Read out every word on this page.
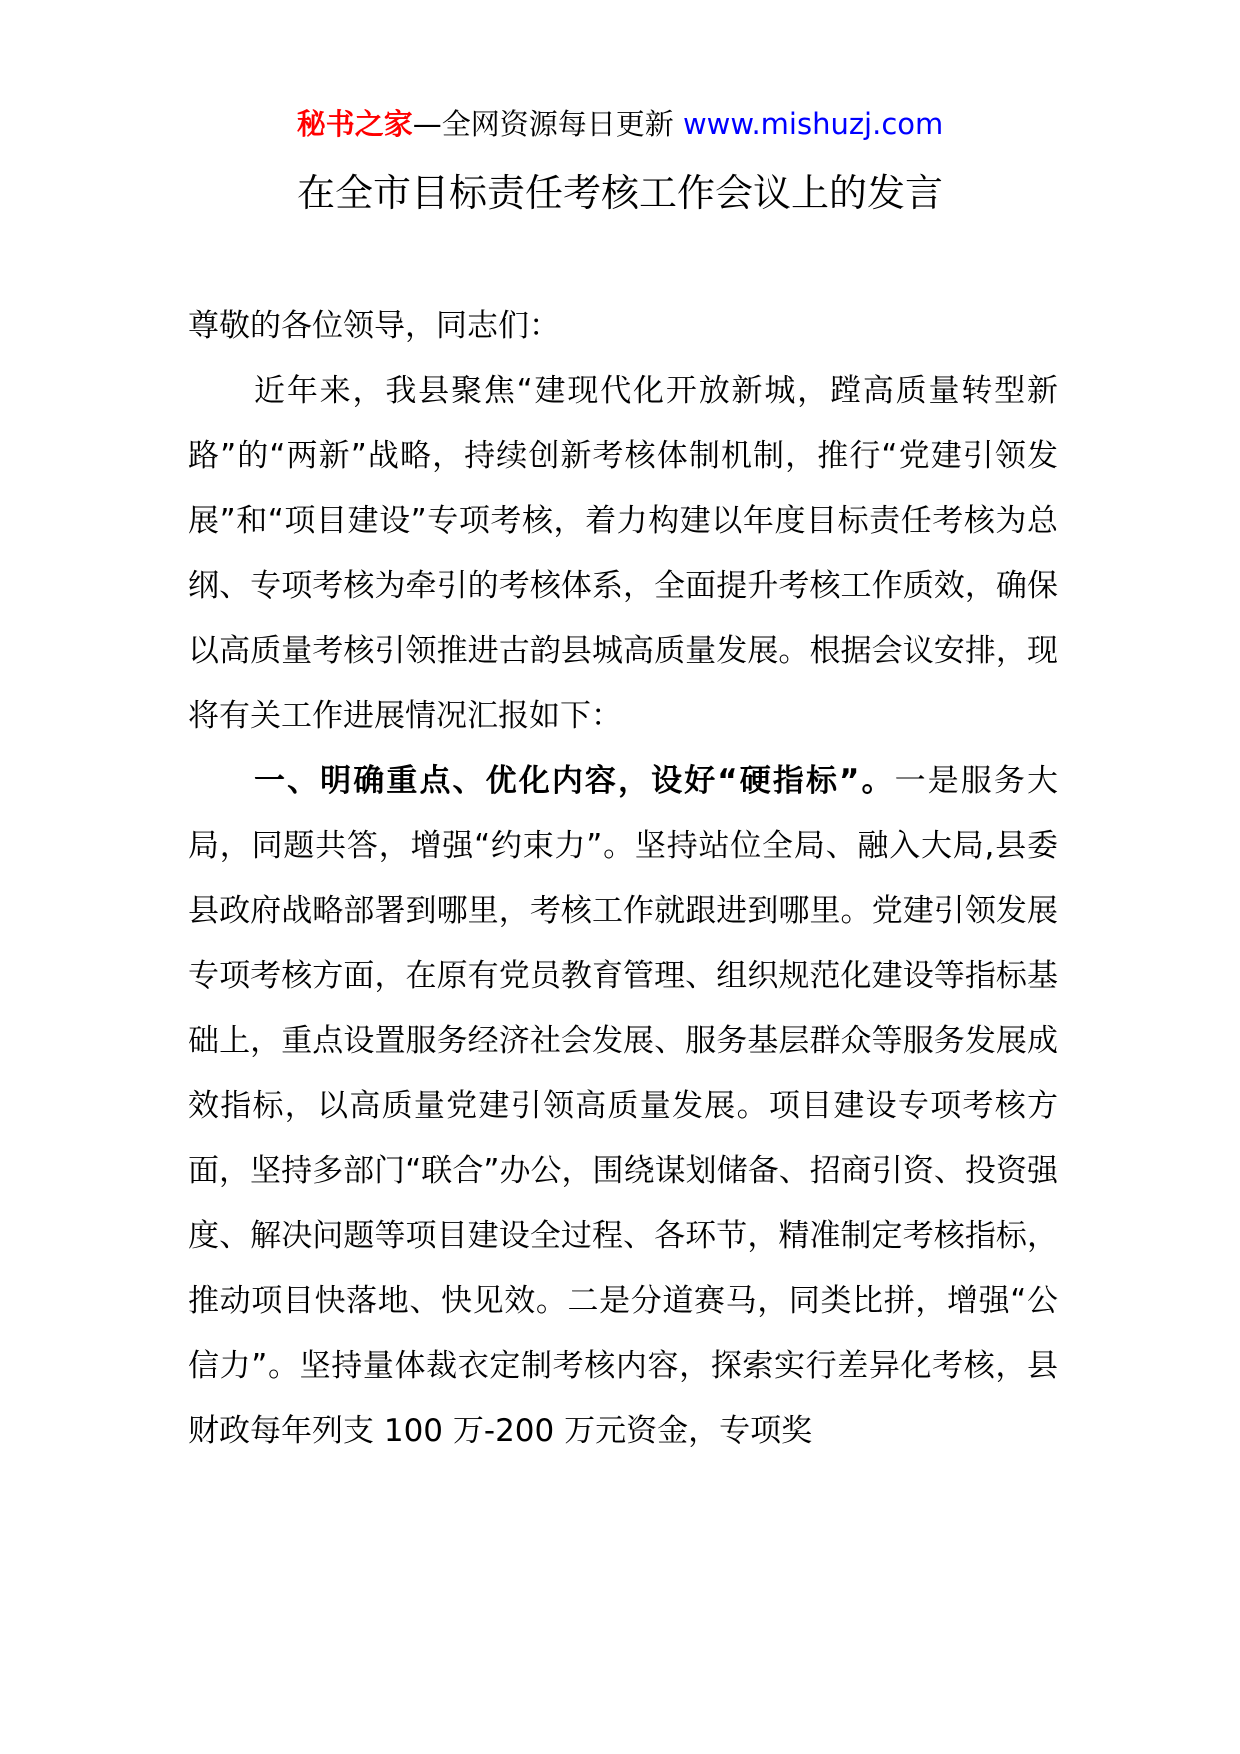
秘书之家—全网资源每日更新 www.mishuzj.com
在全市目标责任考核工作会议上的发言

尊敬的各位领导，同志们：

近年来，我县聚焦“建现代化开放新城，蹚高质量转型新路”的“两新”战略，持续创新考核体制机制，推行“党建引领发展”和“项目建设”专项考核，着力构建以年度目标责任考核为总纲、专项考核为牵引的考核体系，全面提升考核工作质效，确保以高质量考核引领推进古韵县城高质量发展。根据会议安排，现将有关工作进展情况汇报如下：

一、明确重点、优化内容，设好“硬指标”。一是服务大局，同题共答，增强“约束力”。坚持站位全局、融入大局,县委县政府战略部署到哪里，考核工作就跟进到哪里。党建引领发展专项考核方面，在原有党员教育管理、组织规范化建设等指标基础上，重点设置服务经济社会发展、服务基层群众等服务发展成效指标，以高质量党建引领高质量发展。项目建设专项考核方面，坚持多部门“联合”办公，围绕谋划储备、招商引资、投资强度、解决问题等项目建设全过程、各环节，精准制定考核指标，推动项目快落地、快见效。二是分道赛马，同类比拼，增强“公信力”。坚持量体裁衣定制考核内容，探索实行差异化考核，县财政每年列支 100 万-200 万元资金，专项奖
